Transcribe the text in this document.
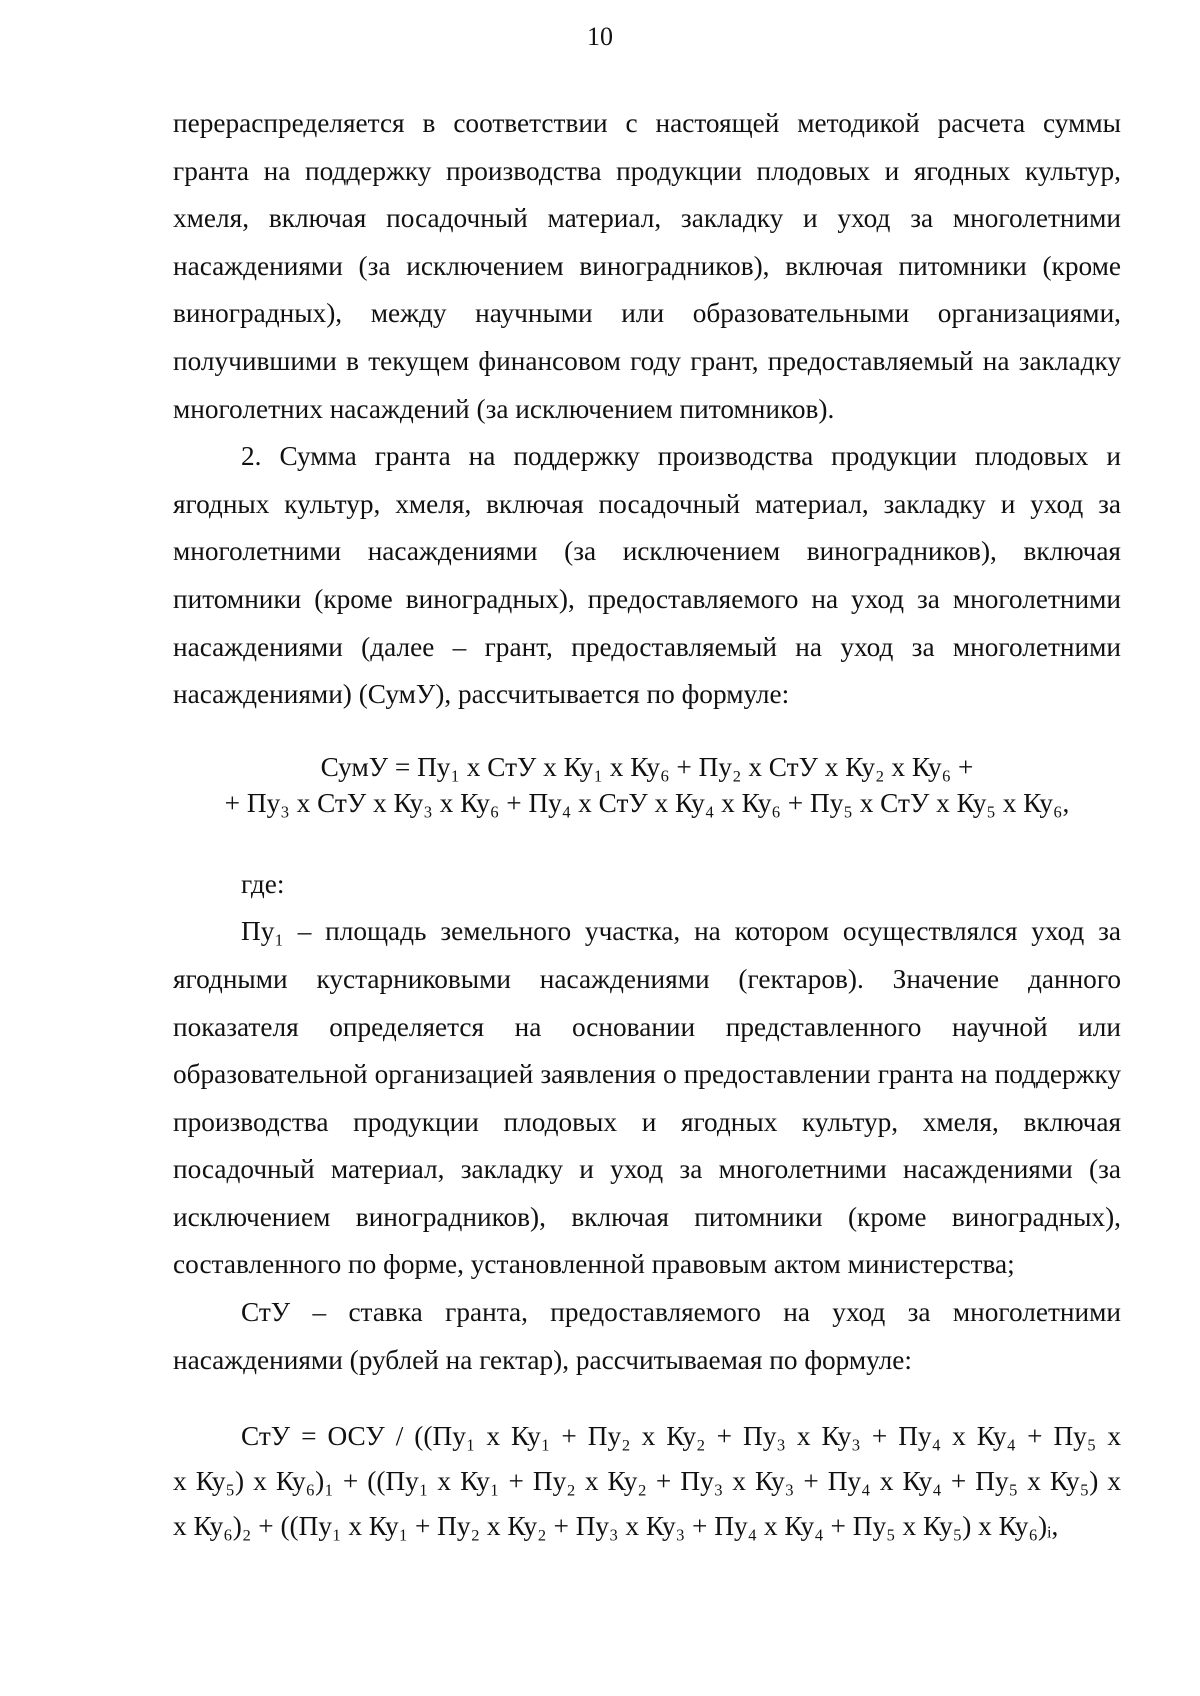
10

перераспределяется в соответствии с настоящей методикой расчета суммы гранта на поддержку производства продукции плодовых и ягодных культур, хмеля, включая посадочный материал, закладку и уход за многолетними насаждениями (за исключением виноградников), включая питомники (кроме виноградных), между научными или образовательными организациями, получившими в текущем финансовом году грант, предоставляемый на закладку многолетних насаждений (за исключением питомников).

2. Сумма гранта на поддержку производства продукции плодовых и ягодных культур, хмеля, включая посадочный материал, закладку и уход за многолетними насаждениями (за исключением виноградников), включая питомники (кроме виноградных), предоставляемого на уход за многолетними насаждениями (далее – грант, предоставляемый на уход за многолетними насаждениями) (СумУ), рассчитывается по формуле:

СумУ = Пу₁ х СтУ х Ку₁ х Ку₆ + Пу₂ х СтУ х Ку₂ х Ку₆ +

+ Пу₃ х СтУ х Ку₃ х Ку₆ + Пу₄ х СтУ х Ку₄ х Ку₆ + Пу₅ х СтУ х Ку₅ х Ку₆,

где:

Пу₁ – площадь земельного участка, на котором осуществлялся уход за ягодными кустарниковыми насаждениями (гектаров). Значение данного показателя определяется на основании представленного научной или образовательной организацией заявления о предоставлении гранта на поддержку производства продукции плодовых и ягодных культур, хмеля, включая посадочный материал, закладку и уход за многолетними насаждениями (за исключением виноградников), включая питомники (кроме виноградных), составленного по форме, установленной правовым актом министерства;

СтУ – ставка гранта, предоставляемого на уход за многолетними насаждениями (рублей на гектар), рассчитываемая по формуле:

СтУ = ОСУ / ((Пу₁ х Ку₁ + Пу₂ х Ку₂ + Пу₃ х Ку₃ + Пу₄ х Ку₄ + Пу₅ х

х Ку₅) х Ку₆)₁ + ((Пу₁ х Ку₁ + Пу₂ х Ку₂ + Пу₃ х Ку₃ + Пу₄ х Ку₄ + Пу₅ х Ку₅) х

х Ку₆)₂ + ((Пу₁ х Ку₁ + Пу₂ х Ку₂ + Пу₃ х Ку₃ + Пу₄ х Ку₄ + Пу₅ х Ку₅) х Ку₆)ᵢ,
